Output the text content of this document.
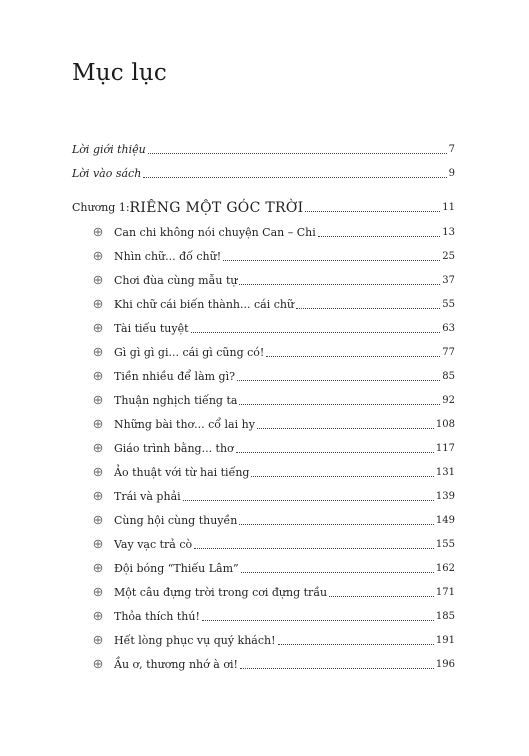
Mục lục
Lời giới thiệu	7
Lời vào sách	9
Chương 1: RIÊNG MỘT GÓC TRỜI	11
Can chi không nói chuyện Can – Chi	13
Nhìn chữ... đố chữ!	25
Chơi đùa cùng mẫu tự	37
Khi chữ cái biến thành... cái chữ	55
Tài tiếu tuyệt	63
Gì gì gì gi... cái gì cũng có!	77
Tiền nhiều để làm gì?	85
Thuận nghịch tiếng ta	92
Những bài thơ... cổ lai hy	108
Giáo trình bằng... thơ	117
Ảo thuật với từ hai tiếng	131
Trái và phải	139
Cùng hội cùng thuyền	149
Vay vạc trả cò	155
Đội bóng “Thiếu Lâm”	162
Một câu đựng trời trong cơi đựng trầu	171
Thỏa thích thú!	185
Hết lòng phục vụ quý khách!	191
Ầu ơ, thương nhớ à ơi!	196
